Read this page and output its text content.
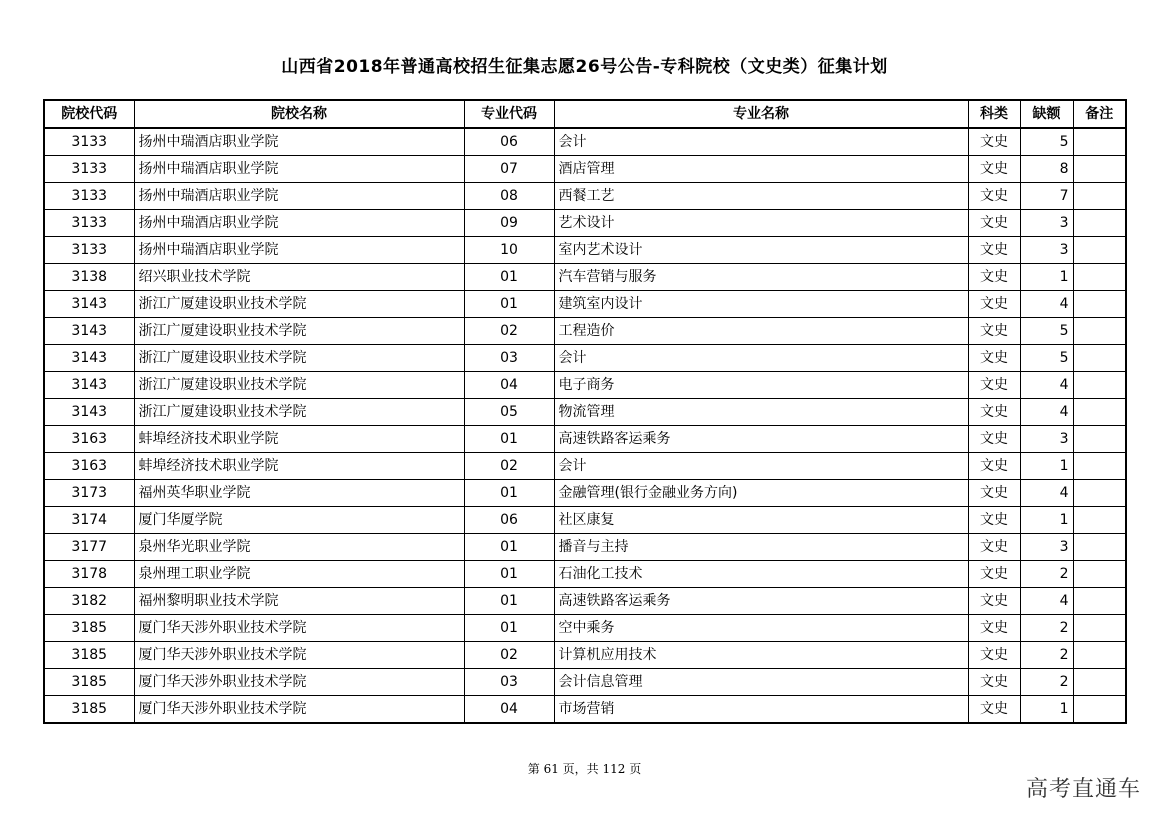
山西省2018年普通高校招生征集志愿26号公告-专科院校（文史类）征集计划
院校代码	院校名称	专业代码	专业名称	科类	缺额	备注
3133	扬州中瑞酒店职业学院	06	会计	文史	5	
3133	扬州中瑞酒店职业学院	07	酒店管理	文史	8	
3133	扬州中瑞酒店职业学院	08	西餐工艺	文史	7	
3133	扬州中瑞酒店职业学院	09	艺术设计	文史	3	
3133	扬州中瑞酒店职业学院	10	室内艺术设计	文史	3	
3138	绍兴职业技术学院	01	汽车营销与服务	文史	1	
3143	浙江广厦建设职业技术学院	01	建筑室内设计	文史	4	
3143	浙江广厦建设职业技术学院	02	工程造价	文史	5	
3143	浙江广厦建设职业技术学院	03	会计	文史	5	
3143	浙江广厦建设职业技术学院	04	电子商务	文史	4	
3143	浙江广厦建设职业技术学院	05	物流管理	文史	4	
3163	蚌埠经济技术职业学院	01	高速铁路客运乘务	文史	3	
3163	蚌埠经济技术职业学院	02	会计	文史	1	
3173	福州英华职业学院	01	金融管理(银行金融业务方向)	文史	4	
3174	厦门华厦学院	06	社区康复	文史	1	
3177	泉州华光职业学院	01	播音与主持	文史	3	
3178	泉州理工职业学院	01	石油化工技术	文史	2	
3182	福州黎明职业技术学院	01	高速铁路客运乘务	文史	4	
3185	厦门华天涉外职业技术学院	01	空中乘务	文史	2	
3185	厦门华天涉外职业技术学院	02	计算机应用技术	文史	2	
3185	厦门华天涉外职业技术学院	03	会计信息管理	文史	2	
3185	厦门华天涉外职业技术学院	04	市场营销	文史	1	
第 61 页，共 112 页
高考直通车
